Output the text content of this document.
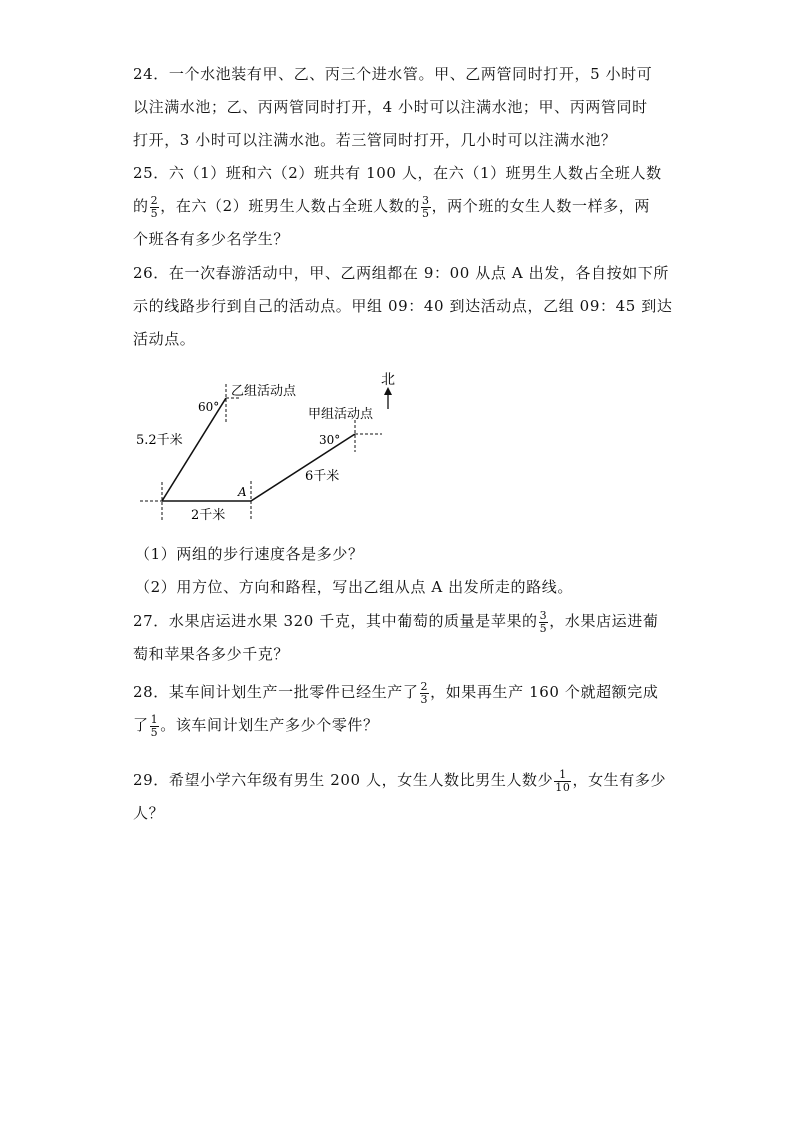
24．一个水池装有甲、乙、丙三个进水管。甲、乙两管同时打开，5 小时可
以注满水池；乙、丙两管同时打开，4 小时可以注满水池；甲、丙两管同时
打开，3 小时可以注满水池。若三管同时打开，几小时可以注满水池？
25．六（1）班和六（2）班共有 100 人，在六（1）班男生人数占全班人数
的 $\frac{2}{5}$ ，在六（2）班男生人数占全班人数的 $\frac{3}{5}$ ，两个班的女生人数一样多，两
个班各有多少名学生？
26．在一次春游活动中，甲、乙两组都在 9：00 从点 A 出发，各自按如下所
示的线路步行到自己的活动点。甲组 09：40 到达活动点，乙组 09：45 到达
活动点。
北
乙组活动点
甲组活动点
60°
30°
5.2千米
6千米
2千米
A
（1）两组的步行速度各是多少？
（2）用方位、方向和路程，写出乙组从点 A 出发所走的路线。
27．水果店运进水果 320 千克，其中葡萄的质量是苹果的 $\frac{3}{5}$ ，水果店运进葡
萄和苹果各多少千克？
28．某车间计划生产一批零件已经生产了 $\frac{2}{3}$ ，如果再生产 160 个就超额完成
了 $\frac{1}{5}$ 。该车间计划生产多少个零件？
29．希望小学六年级有男生 200 人，女生人数比男生人数少 $\frac{1}{10}$ ，女生有多少
人？
